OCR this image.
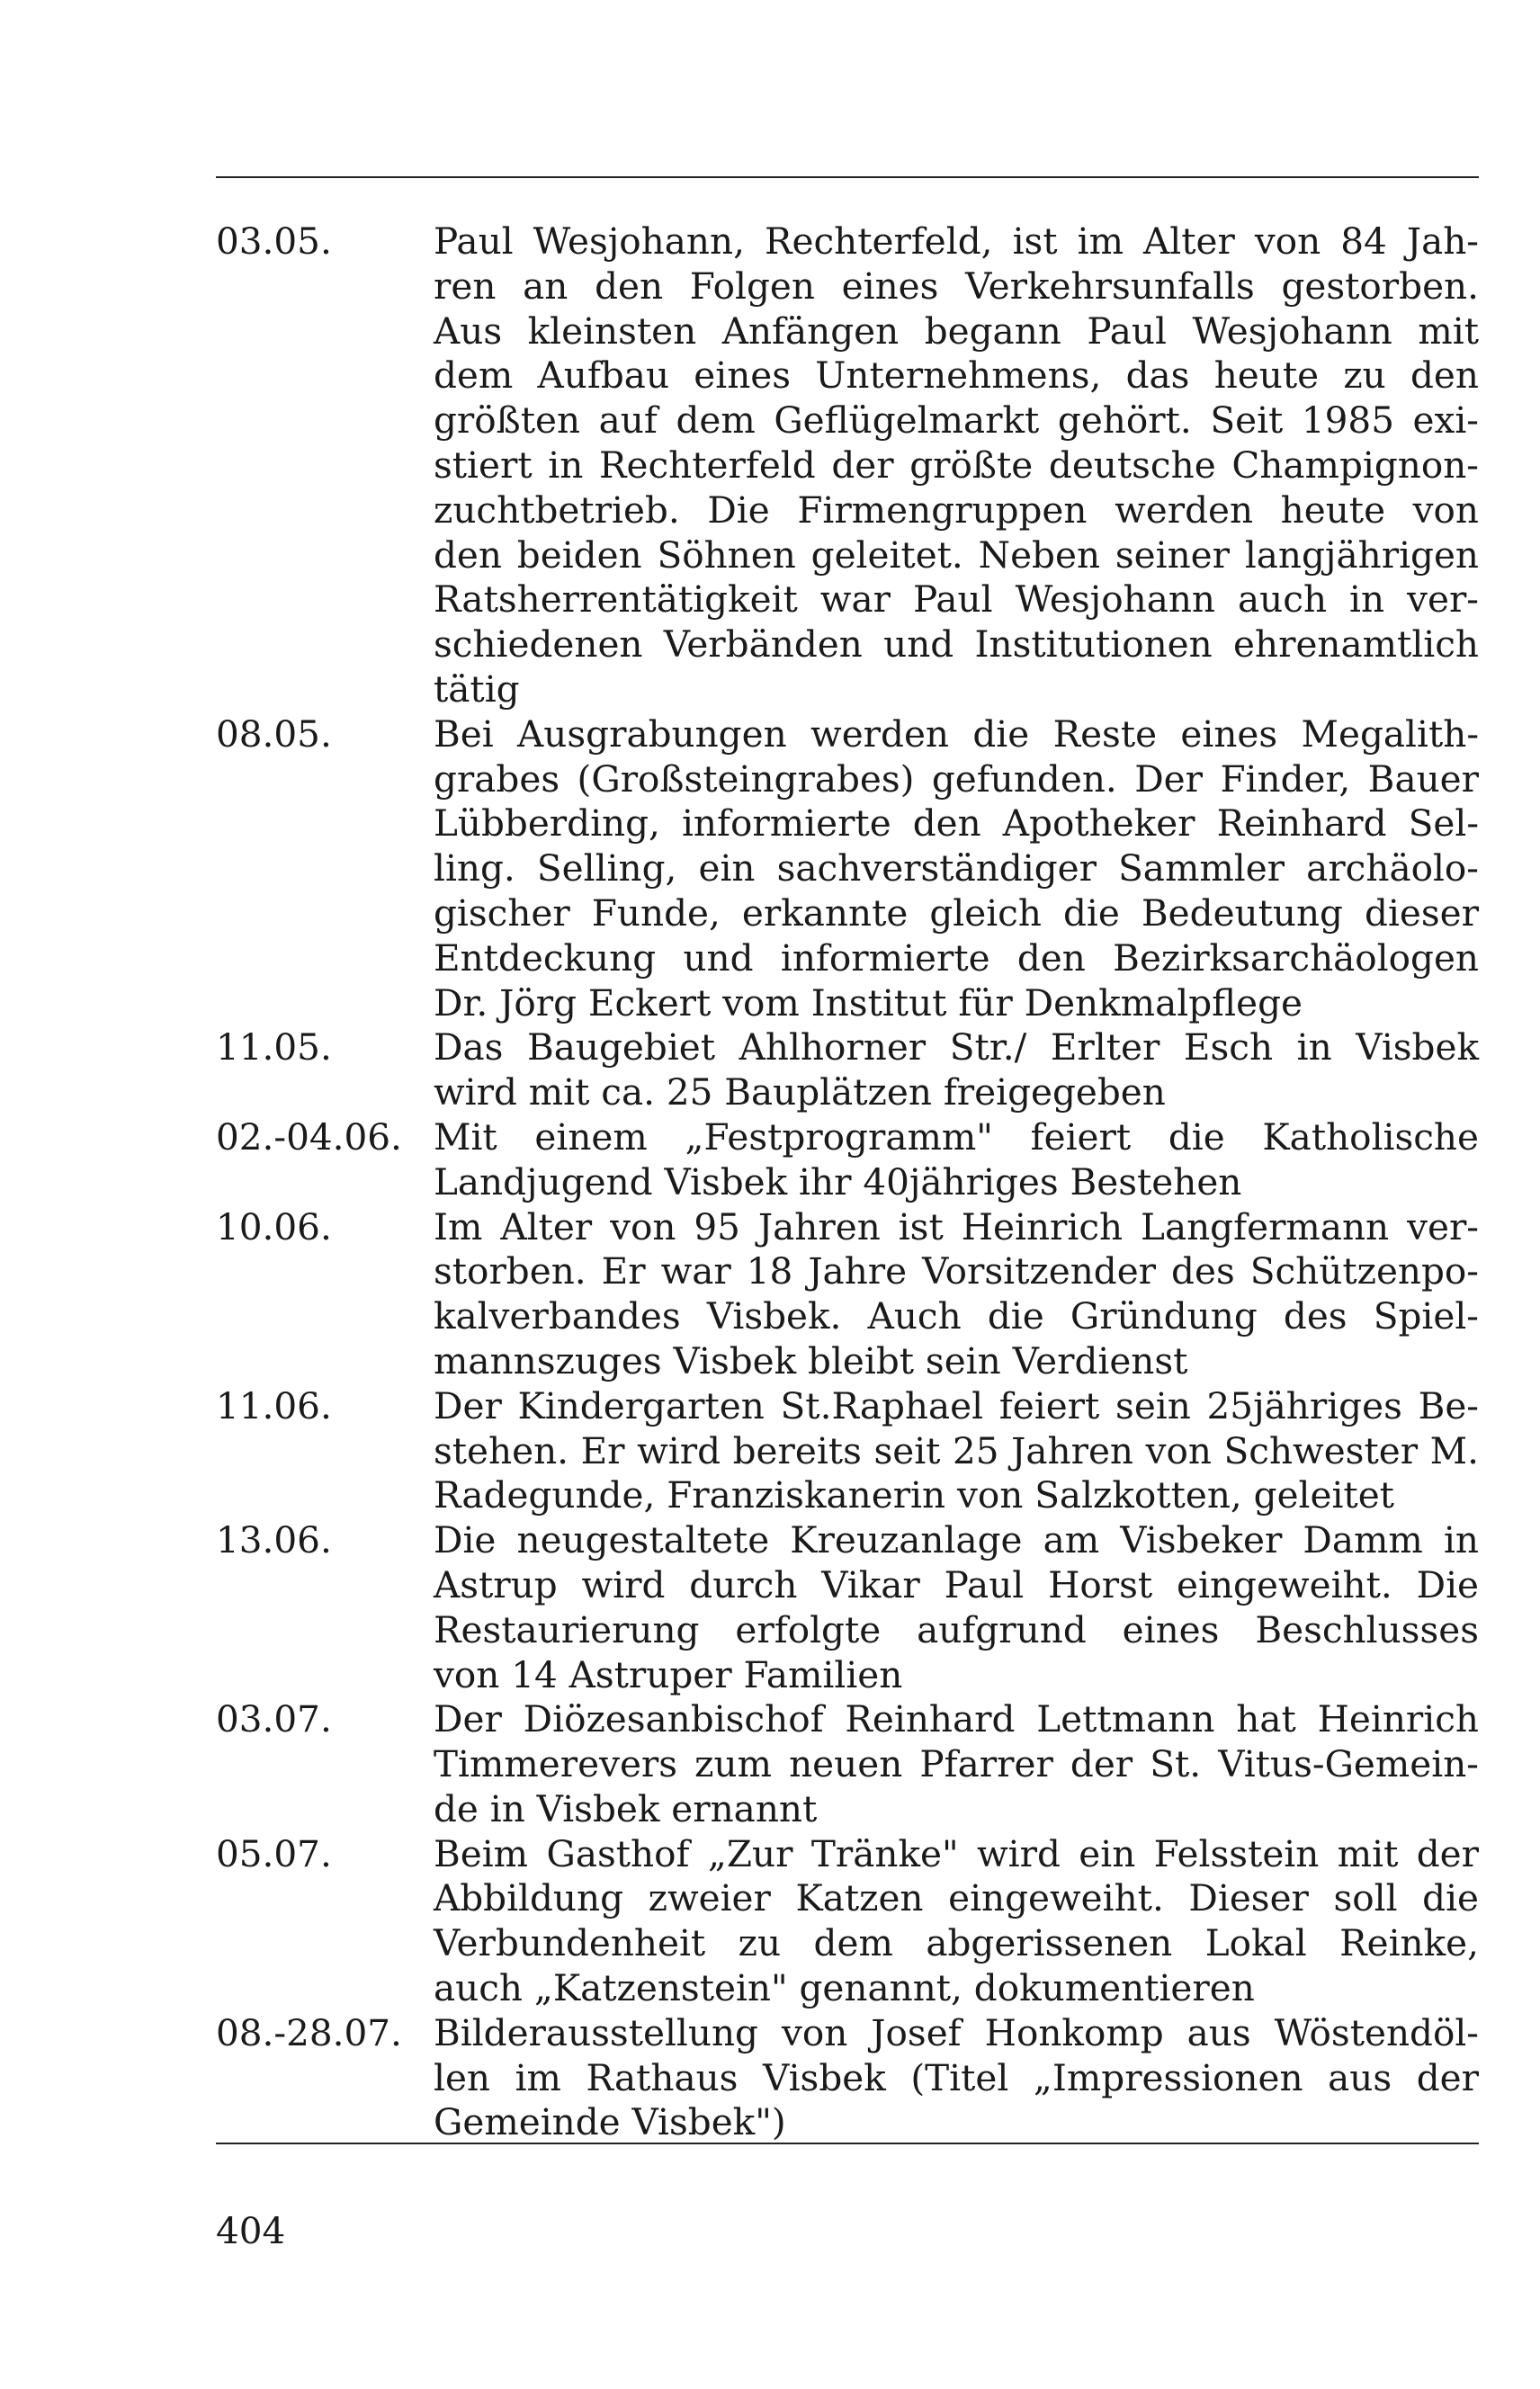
03.05.	Paul Wesjohann, Rechterfeld, ist im Alter von 84 Jah-
ren an den Folgen eines Verkehrsunfalls gestorben.
Aus kleinsten Anfängen begann Paul Wesjohann mit
dem Aufbau eines Unternehmens, das heute zu den
größten auf dem Geflügelmarkt gehört. Seit 1985 exi-
stiert in Rechterfeld der größte deutsche Champignon-
zuchtbetrieb. Die Firmengruppen werden heute von
den beiden Söhnen geleitet. Neben seiner langjährigen
Ratsherrentätigkeit war Paul Wesjohann auch in ver-
schiedenen Verbänden und Institutionen ehrenamtlich
tätig
08.05.	Bei Ausgrabungen werden die Reste eines Megalith-
grabes (Großsteingrabes) gefunden. Der Finder, Bauer
Lübberding, informierte den Apotheker Reinhard Sel-
ling. Selling, ein sachverständiger Sammler archäolo-
gischer Funde, erkannte gleich die Bedeutung dieser
Entdeckung und informierte den Bezirksarchäologen
Dr. Jörg Eckert vom Institut für Denkmalpflege
11.05.	Das Baugebiet Ahlhorner Str./ Erlter Esch in Visbek
wird mit ca. 25 Bauplätzen freigegeben
02.-04.06. Mit einem „Festprogramm" feiert die Katholische
Landjugend Visbek ihr 40jähriges Bestehen
10.06.	Im Alter von 95 Jahren ist Heinrich Langfermann ver-
storben. Er war 18 Jahre Vorsitzender des Schützenpo-
kalverbandes Visbek. Auch die Gründung des Spiel-
mannszuges Visbek bleibt sein Verdienst
11.06.	Der Kindergarten St.Raphael feiert sein 25jähriges Be-
stehen. Er wird bereits seit 25 Jahren von Schwester M.
Radegunde, Franziskanerin von Salzkotten, geleitet
13.06.	Die neugestaltete Kreuzanlage am Visbeker Damm in
Astrup wird durch Vikar Paul Horst eingeweiht. Die
Restaurierung erfolgte aufgrund eines Beschlusses
von 14 Astruper Familien
03.07.	Der Diözesanbischof Reinhard Lettmann hat Heinrich
Timmerevers zum neuen Pfarrer der St. Vitus-Gemein-
de in Visbek ernannt
05.07.	Beim Gasthof „Zur Tränke" wird ein Felsstein mit der
Abbildung zweier Katzen eingeweiht. Dieser soll die
Verbundenheit zu dem abgerissenen Lokal Reinke,
auch „Katzenstein" genannt, dokumentieren
08.-28.07. Bilderausstellung von Josef Honkomp aus Wöstendöl-
len im Rathaus Visbek (Titel „Impressionen aus der
Gemeinde Visbek")
404
